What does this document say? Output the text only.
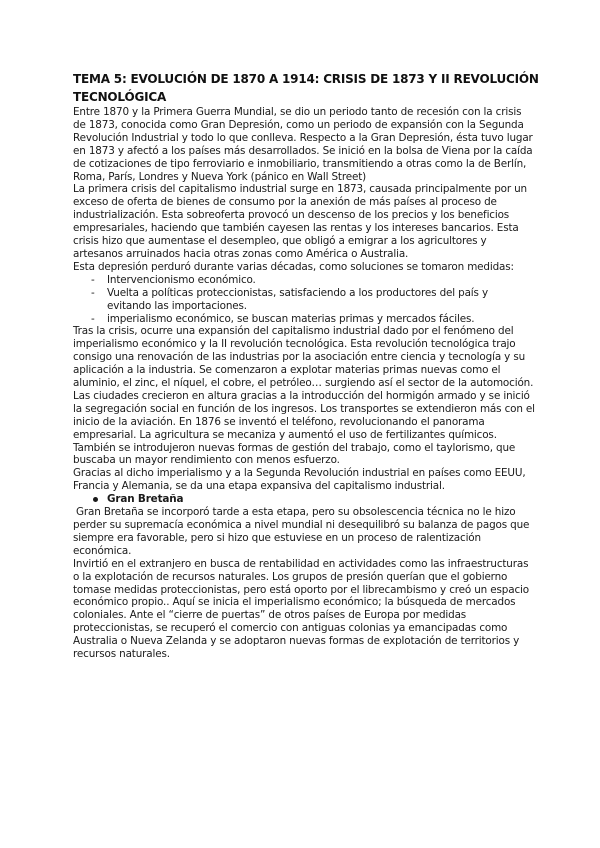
TEMA 5: EVOLUCIÓN DE 1870 A 1914: CRISIS DE 1873 Y II REVOLUCIÓN TECNOLÓGICA

Entre 1870 y la Primera Guerra Mundial, se dio un periodo tanto de recesión con la crisis de 1873, conocida como Gran Depresión, como un periodo de expansión con la Segunda Revolución Industrial y todo lo que conlleva. Respecto a la Gran Depresión, ésta tuvo lugar en 1873 y afectó a los países más desarrollados. Se inició en la bolsa de Viena por la caída de cotizaciones de tipo ferroviario e inmobiliario, transmitiendo a otras como la de Berlín, Roma, París, Londres y Nueva York (pánico en Wall Street)

La primera crisis del capitalismo industrial surge en 1873, causada principalmente por un exceso de oferta de bienes de consumo por la anexión de más países al proceso de industrialización. Esta sobreoferta provocó un descenso de los precios y los beneficios empresariales, haciendo que también cayesen las rentas y los intereses bancarios. Esta crisis hizo que aumentase el desempleo, que obligó a emigrar a los agricultores y artesanos arruinados hacia otras zonas como América o Australia.

Esta depresión perduró durante varias décadas, como soluciones se tomaron medidas:

- Intervencionismo económico.
- Vuelta a políticas proteccionistas, satisfaciendo a los productores del país y evitando las importaciones.
- imperialismo económico, se buscan materias primas y mercados fáciles.

Tras la crisis, ocurre una expansión del capitalismo industrial dado por el fenómeno del imperialismo económico y la II revolución tecnológica. Esta revolución tecnológica trajo consigo una renovación de las industrias por la asociación entre ciencia y tecnología y su aplicación a la industria. Se comenzaron a explotar materias primas nuevas como el aluminio, el zinc, el níquel, el cobre, el petróleo… surgiendo así el sector de la automoción. Las ciudades crecieron en altura gracias a la introducción del hormigón armado y se inició la segregación social en función de los ingresos. Los transportes se extendieron más con el inicio de la aviación. En 1876 se inventó el teléfono, revolucionando el panorama empresarial. La agricultura se mecaniza y aumentó el uso de fertilizantes químicos. También se introdujeron nuevas formas de gestión del trabajo, como el taylorismo, que buscaba un mayor rendimiento con menos esfuerzo.

Gracias al dicho imperialismo y a la Segunda Revolución industrial en países como EEUU, Francia y Alemania, se da una etapa expansiva del capitalismo industrial.

Gran Bretaña

Gran Bretaña se incorporó tarde a esta etapa, pero su obsolescencia técnica no le hizo perder su supremacía económica a nivel mundial ni desequilibró su balanza de pagos que siempre era favorable, pero si hizo que estuviese en un proceso de ralentización económica.

Invirtió en el extranjero en busca de rentabilidad en actividades como las infraestructuras o la explotación de recursos naturales. Los grupos de presión querían que el gobierno tomase medidas proteccionistas, pero está oporto por el librecambismo y creó un espacio económico propio.. Aquí se inicia el imperialismo económico; la búsqueda de mercados coloniales. Ante el “cierre de puertas” de otros países de Europa por medidas proteccionistas, se recuperó el comercio con antiguas colonias ya emancipadas como Australia o Nueva Zelanda y se adoptaron nuevas formas de explotación de territorios y recursos naturales.
